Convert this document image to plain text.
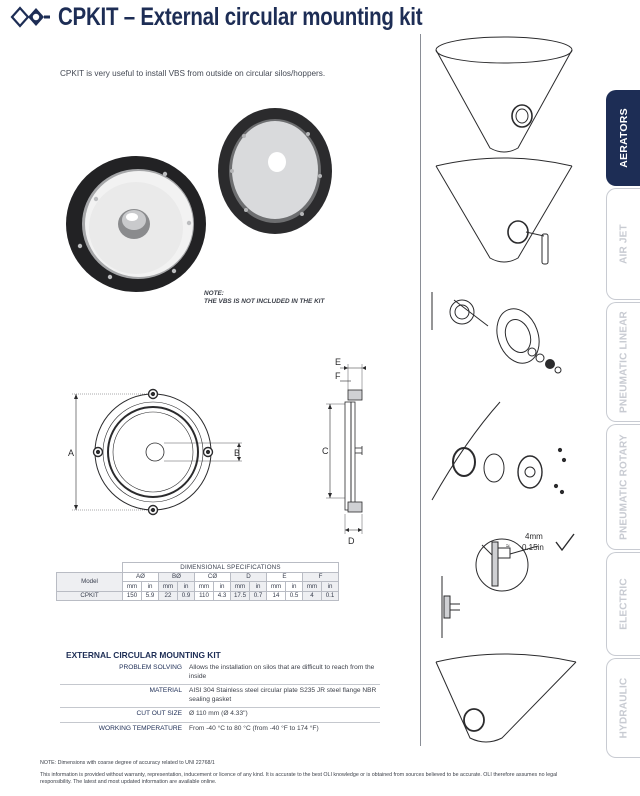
CPKIT – External circular mounting kit
CPKIT is very useful to install VBS from outside on circular silos/hoppers.
NOTE:
THE VBS IS NOT INCLUDED IN THE KIT
A	B	C
E
F
D
	DIMENSIONAL SPECIFICATIONS											
Model	AØ		BØ		CØ		D		E		F	
	mm	in	mm	in	mm	in	mm	in	mm	in	mm	in
CPKIT	150	5.9	22	0.9	110	4.3	17.5	0.7	14	0.5	4	0.1
EXTERNAL CIRCULAR MOUNTING KIT
PROBLEM SOLVING Allows the installation on silos that are difficult to reach from the inside
MATERIAL AISI 304 Stainless steel circular plate S235 JR steel flange NBR sealing gasket
CUT OUT SIZE Ø 110 mm (Ø 4.33")
WORKING TEMPERATURE From -40 °C to 80 °C (from -40 °F to 174 °F)
NOTE: Dimensions with coarse degree of accuracy related to UNI 22768/1
This information is provided without warranty, representation, inducement or licence of any kind. It is accurate to the best OLI knowledge or is obtained from sources believed to be accurate. OLI therefore assumes no legal responsibility. The latest and most updated information are available online.
≈
4mm
0.15in
AERATORS
AIR JET
PNEUMATIC LINEAR
PNEUMATIC ROTARY
ELECTRIC
HYDRAULIC
